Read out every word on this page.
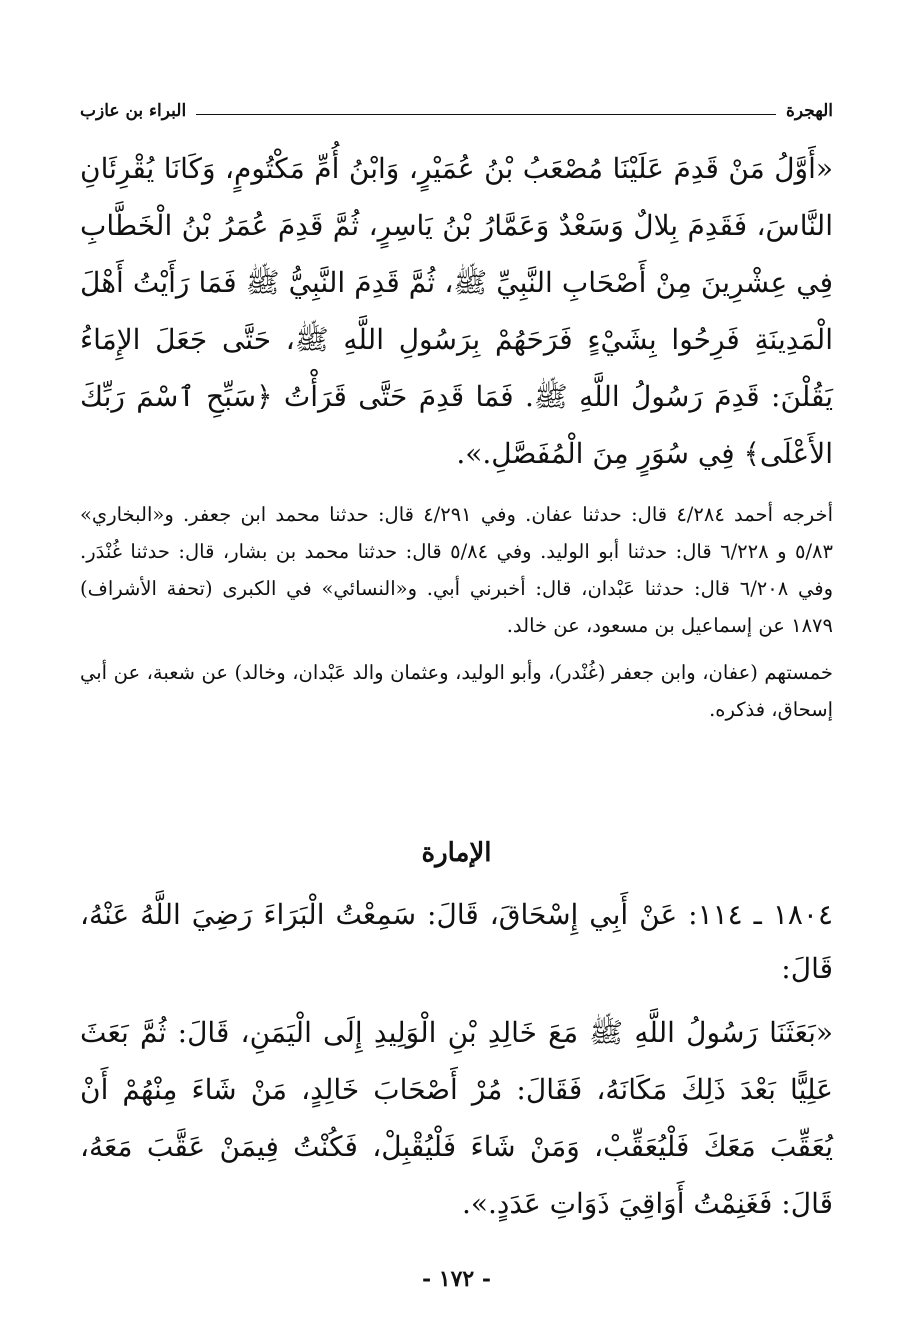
الهجرة
البراء بن عازب

«أَوَّلُ مَنْ قَدِمَ عَلَيْنَا مُصْعَبُ بْنُ عُمَيْرٍ، وَابْنُ أُمِّ مَكْتُومٍ، وَكَانَا يُقْرِئَانِ النَّاسَ، فَقَدِمَ بِلالٌ وَسَعْدٌ وَعَمَّارُ بْنُ يَاسِرٍ، ثُمَّ قَدِمَ عُمَرُ بْنُ الْخَطَّابِ فِي عِشْرِينَ مِنْ أَصْحَابِ النَّبِيِّ ﷺ، ثُمَّ قَدِمَ النَّبِيُّ ﷺ فَمَا رَأَيْتُ أَهْلَ الْمَدِينَةِ فَرِحُوا بِشَيْءٍ فَرَحَهُمْ بِرَسُولِ اللَّهِ ﷺ، حَتَّى جَعَلَ الإِمَاءُ يَقُلْنَ: قَدِمَ رَسُولُ اللَّهِ ﷺ. فَمَا قَدِمَ حَتَّى قَرَأْتُ ﴿سَبِّحِ ٱسْمَ رَبِّكَ الأَعْلَى﴾ فِي سُوَرٍ مِنَ الْمُفَصَّلِ.».

أخرجه أحمد ٤/٢٨٤ قال: حدثنا عفان. وفي ٤/٢٩١ قال: حدثنا محمد ابن جعفر. و«البخاري» ٥/٨٣ و ٦/٢٢٨ قال: حدثنا أبو الوليد. وفي ٥/٨٤ قال: حدثنا محمد بن بشار، قال: حدثنا غُنْدَر. وفي ٦/٢٠٨ قال: حدثنا عَبْدان، قال: أخبرني أبي. و«النسائي» في الكبرى (تحفة الأشراف) ١٨٧٩ عن إسماعيل بن مسعود، عن خالد.

خمستهم (عفان، وابن جعفر (غُنْدر)، وأبو الوليد، وعثمان والد عَبْدان، وخالد) عن شعبة، عن أبي إسحاق، فذكره.

الإمارة

١٨٠٤ ـ ١١٤: عَنْ أَبِي إِسْحَاقَ، قَالَ: سَمِعْتُ الْبَرَاءَ رَضِيَ اللَّهُ عَنْهُ، قَالَ:

«بَعَثَنَا رَسُولُ اللَّهِ ﷺ مَعَ خَالِدِ بْنِ الْوَلِيدِ إِلَى الْيَمَنِ، قَالَ: ثُمَّ بَعَثَ عَلِيًّا بَعْدَ ذَلِكَ مَكَانَهُ، فَقَالَ: مُرْ أَصْحَابَ خَالِدٍ، مَنْ شَاءَ مِنْهُمْ أَنْ يُعَقِّبَ مَعَكَ فَلْيُعَقِّبْ، وَمَنْ شَاءَ فَلْيُقْبِلْ، فَكُنْتُ فِيمَنْ عَقَّبَ مَعَهُ، قَالَ: فَغَنِمْتُ أَوَاقِيَ ذَوَاتِ عَدَدٍ.».

- ١٧٢ -
